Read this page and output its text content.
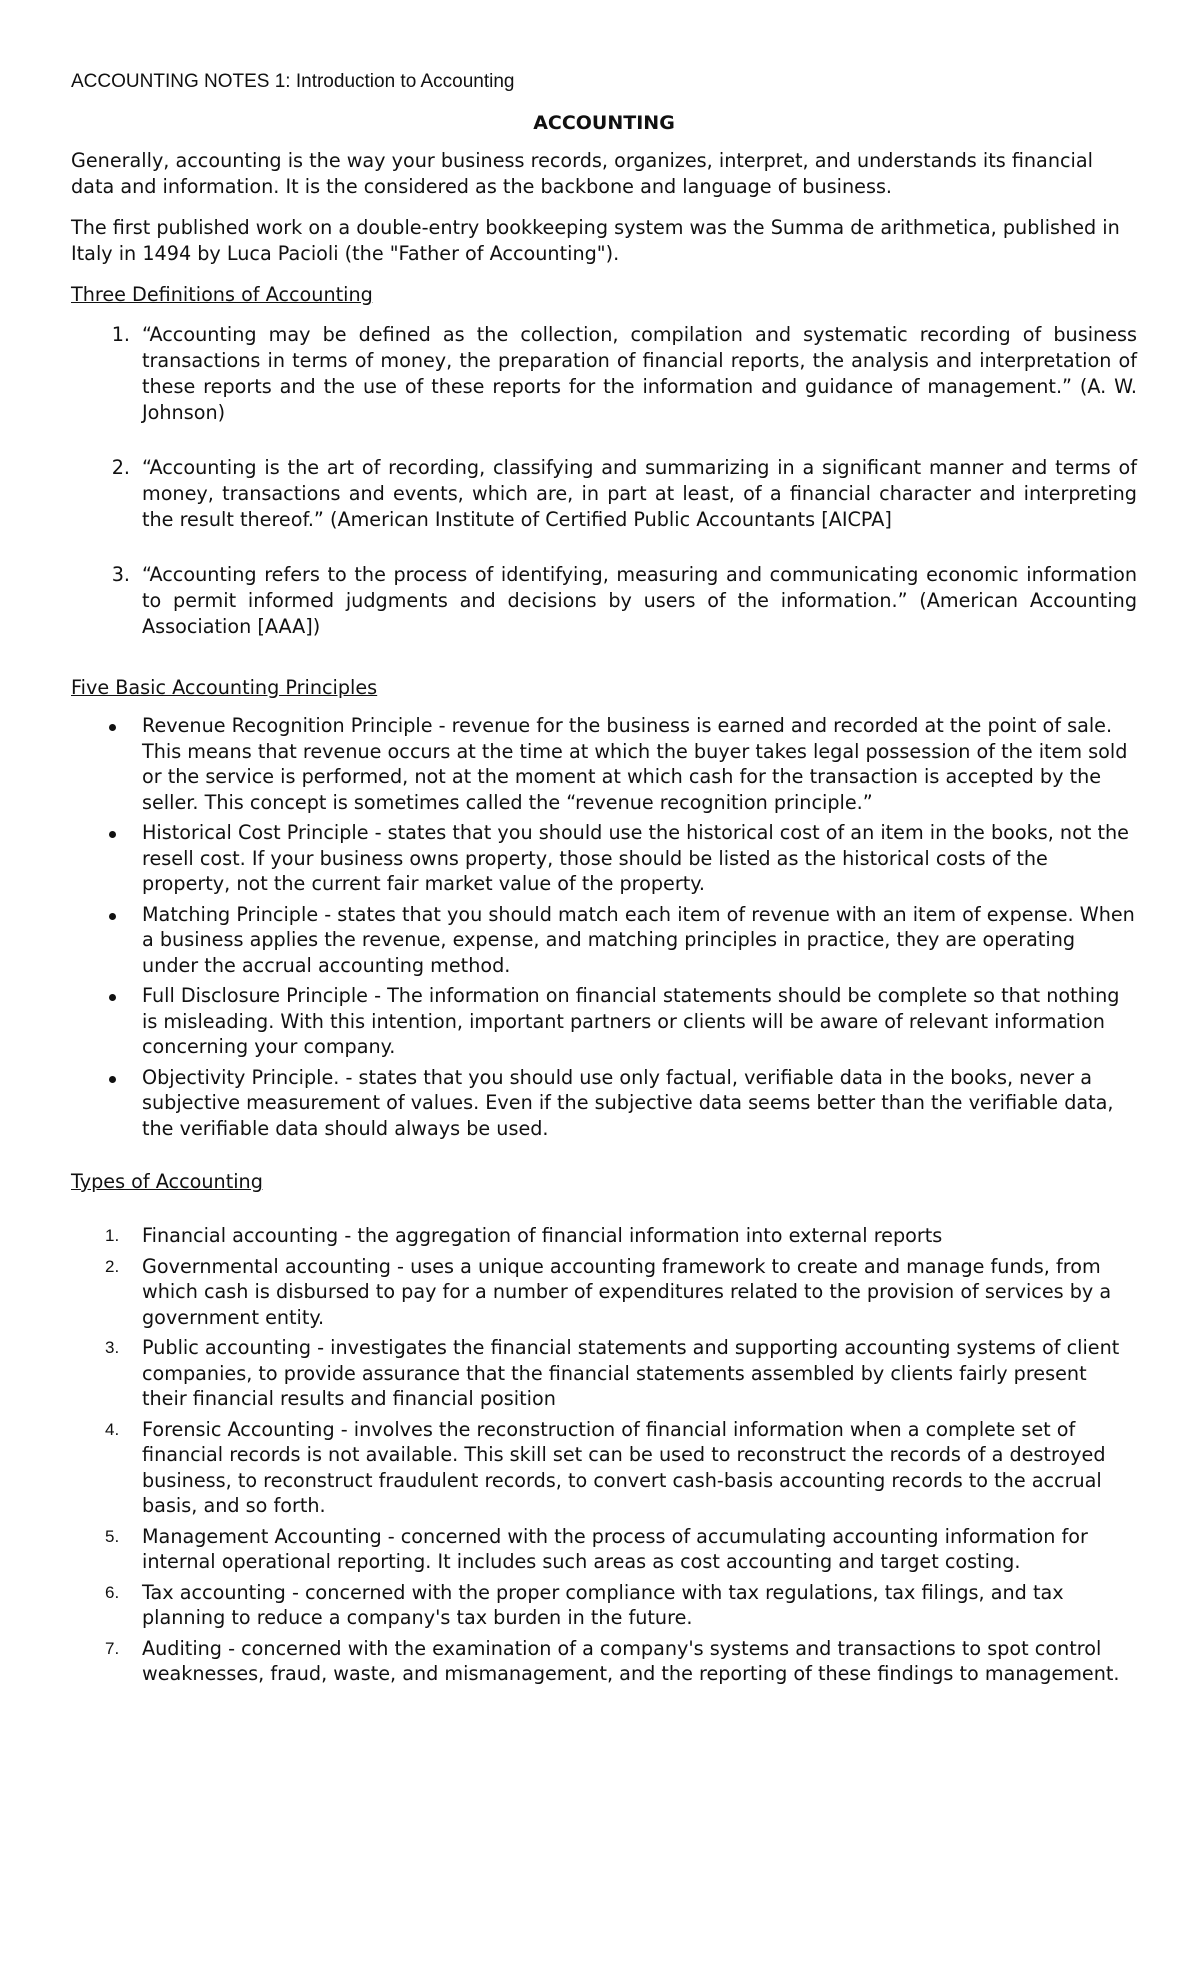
ACCOUNTING NOTES 1: Introduction to Accounting
ACCOUNTING

Generally, accounting is the way your business records, organizes, interpret, and understands its financial data and information. It is the considered as the backbone and language of business.

The first published work on a double-entry bookkeeping system was the Summa de arithmetica, published in Italy in 1494 by Luca Pacioli (the "Father of Accounting").

Three Definitions of Accounting
1. “Accounting may be defined as the collection, compilation and systematic recording of business transactions in terms of money, the preparation of financial reports, the analysis and interpretation of these reports and the use of these reports for the information and guidance of management.” (A. W. Johnson)
2. “Accounting is the art of recording, classifying and summarizing in a significant manner and terms of money, transactions and events, which are, in part at least, of a financial character and interpreting the result thereof.” (American Institute of Certified Public Accountants [AICPA]
3. “Accounting refers to the process of identifying, measuring and communicating economic information to permit informed judgments and decisions by users of the information.” (American Accounting Association [AAA])
Five Basic Accounting Principles
Revenue Recognition Principle - revenue for the business is earned and recorded at the point of sale. This means that revenue occurs at the time at which the buyer takes legal possession of the item sold or the service is performed, not at the moment at which cash for the transaction is accepted by the seller. This concept is sometimes called the “revenue recognition principle.”
Historical Cost Principle - states that you should use the historical cost of an item in the books, not the resell cost. If your business owns property, those should be listed as the historical costs of the property, not the current fair market value of the property.
Matching Principle - states that you should match each item of revenue with an item of expense. When a business applies the revenue, expense, and matching principles in practice, they are operating under the accrual accounting method.
Full Disclosure Principle - The information on financial statements should be complete so that nothing is misleading. With this intention, important partners or clients will be aware of relevant information concerning your company.
Objectivity Principle. - states that you should use only factual, verifiable data in the books, never a subjective measurement of values. Even if the subjective data seems better than the verifiable data, the verifiable data should always be used.
Types of Accounting
1.	Financial accounting - the aggregation of financial information into external reports
2.	Governmental accounting - uses a unique accounting framework to create and manage funds, from which cash is disbursed to pay for a number of expenditures related to the provision of services by a government entity.
3.	Public accounting - investigates the financial statements and supporting accounting systems of client companies, to provide assurance that the financial statements assembled by clients fairly present their financial results and financial position
4.	Forensic Accounting - involves the reconstruction of financial information when a complete set of financial records is not available. This skill set can be used to reconstruct the records of a destroyed business, to reconstruct fraudulent records, to convert cash-basis accounting records to the accrual basis, and so forth.
5.	Management Accounting - concerned with the process of accumulating accounting information for internal operational reporting. It includes such areas as cost accounting and target costing.
6.	Tax accounting - concerned with the proper compliance with tax regulations, tax filings, and tax planning to reduce a company's tax burden in the future.
7.	Auditing - concerned with the examination of a company's systems and transactions to spot control weaknesses, fraud, waste, and mismanagement, and the reporting of these findings to management.
